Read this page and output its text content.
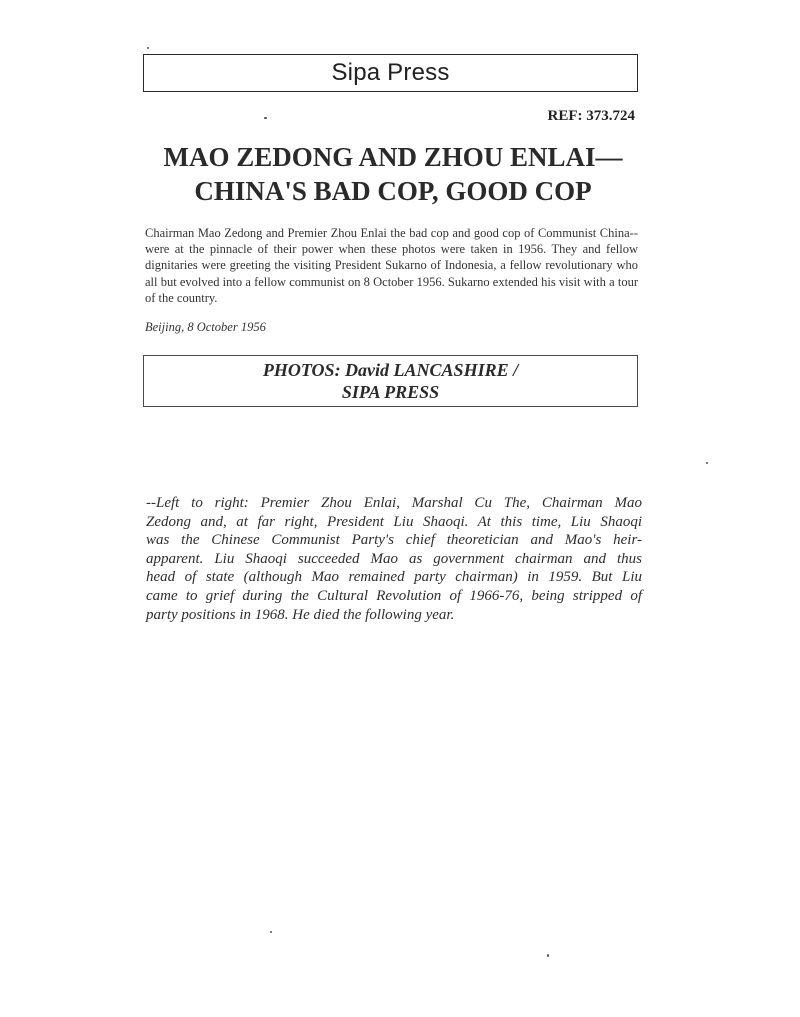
Sipa Press
REF: 373.724
MAO ZEDONG AND ZHOU ENLAI—
CHINA'S BAD COP, GOOD COP
Chairman Mao Zedong and Premier Zhou Enlai the bad cop and good cop of Communist China--were at the pinnacle of their power when these photos were taken in 1956. They and fellow dignitaries were greeting the visiting President Sukarno of Indonesia, a fellow revolutionary who all but evolved into a fellow communist on 8 October 1956. Sukarno extended his visit with a tour of the country.
Beijing, 8 October 1956
PHOTOS: David LANCASHIRE /
SIPA PRESS
--Left to right: Premier Zhou Enlai, Marshal Cu The, Chairman Mao
Zedong and, at far right, President Liu Shaoqi. At this time, Liu Shaoqi
was the Chinese Communist Party's chief theoretician and Mao's heir-
apparent. Liu Shaoqi succeeded Mao as government chairman and thus
head of state (although Mao remained party chairman) in 1959. But Liu
came to grief during the Cultural Revolution of 1966-76, being stripped of
party positions in 1968. He died the following year.
